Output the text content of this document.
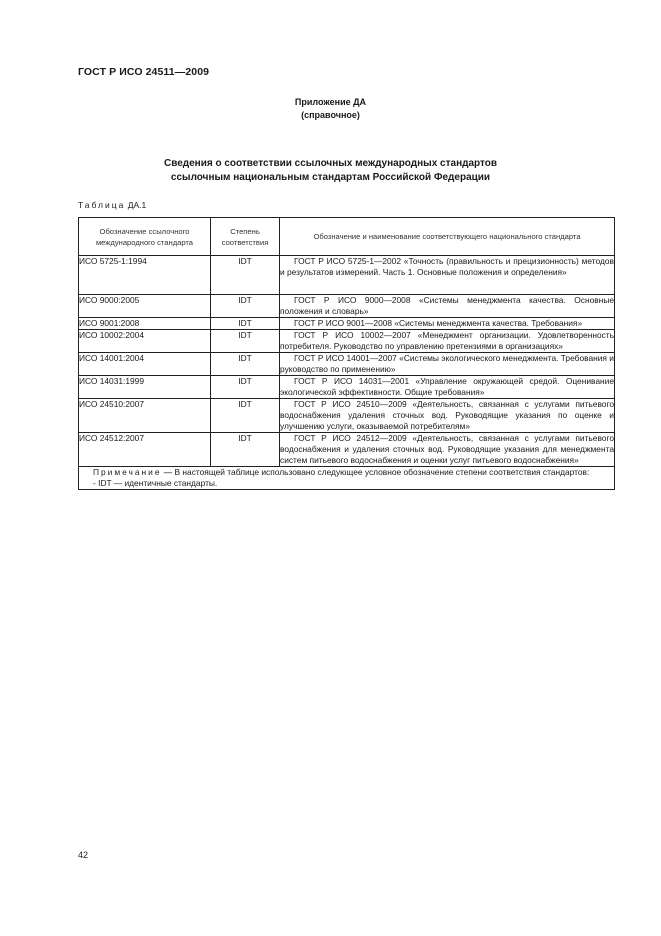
ГОСТ Р ИСО 24511—2009
Приложение ДА
(справочное)
Сведения о соответствии ссылочных международных стандартов
ссылочным национальным стандартам Российской Федерации
Таблица ДА.1
Обозначение ссылочного международного стандарта	Степень соответствия	Обозначение и наименование соответствующего национального стандарта
ИСО 5725-1:1994	IDT	ГОСТ Р ИСО 5725-1—2002 «Точность (правильность и прецизионность) методов и результатов измерений. Часть 1. Основные положения и определения»
ИСО 9000:2005	IDT	ГОСТ Р ИСО 9000—2008 «Системы менеджмента качества. Основные положения и словарь»
ИСО 9001:2008	IDT	ГОСТ Р ИСО 9001—2008 «Системы менеджмента качества. Требования»
ИСО 10002:2004	IDT	ГОСТ Р ИСО 10002—2007 «Менеджмент организации. Удовлетворенность потребителя. Руководство по управлению претензиями в организациях»
ИСО 14001:2004	IDT	ГОСТ Р ИСО 14001—2007 «Системы экологического менеджмента. Требования и руководство по применению»
ИСО 14031:1999	IDT	ГОСТ Р ИСО 14031—2001 «Управление окружающей средой. Оценивание экологической эффективности. Общие требования»
ИСО 24510:2007	IDT	ГОСТ Р ИСО 24510—2009 «Деятельность, связанная с услугами питьевого водоснабжения удаления сточных вод. Руководящие указания по оценке и улучшению услуги, оказываемой потребителям»
ИСО 24512:2007	IDT	ГОСТ Р ИСО 24512—2009 «Деятельность, связанная с услугами питьевого водоснабжения и удаления сточных вод. Руководящие указания для менеджмента систем питьевого водоснабжения и оценки услуг питьевого водоснабжения»
Примечание — В настоящей таблице использовано следующее условное обозначение степени соответствия стандартов:
- IDT — идентичные стандарты.		
42
